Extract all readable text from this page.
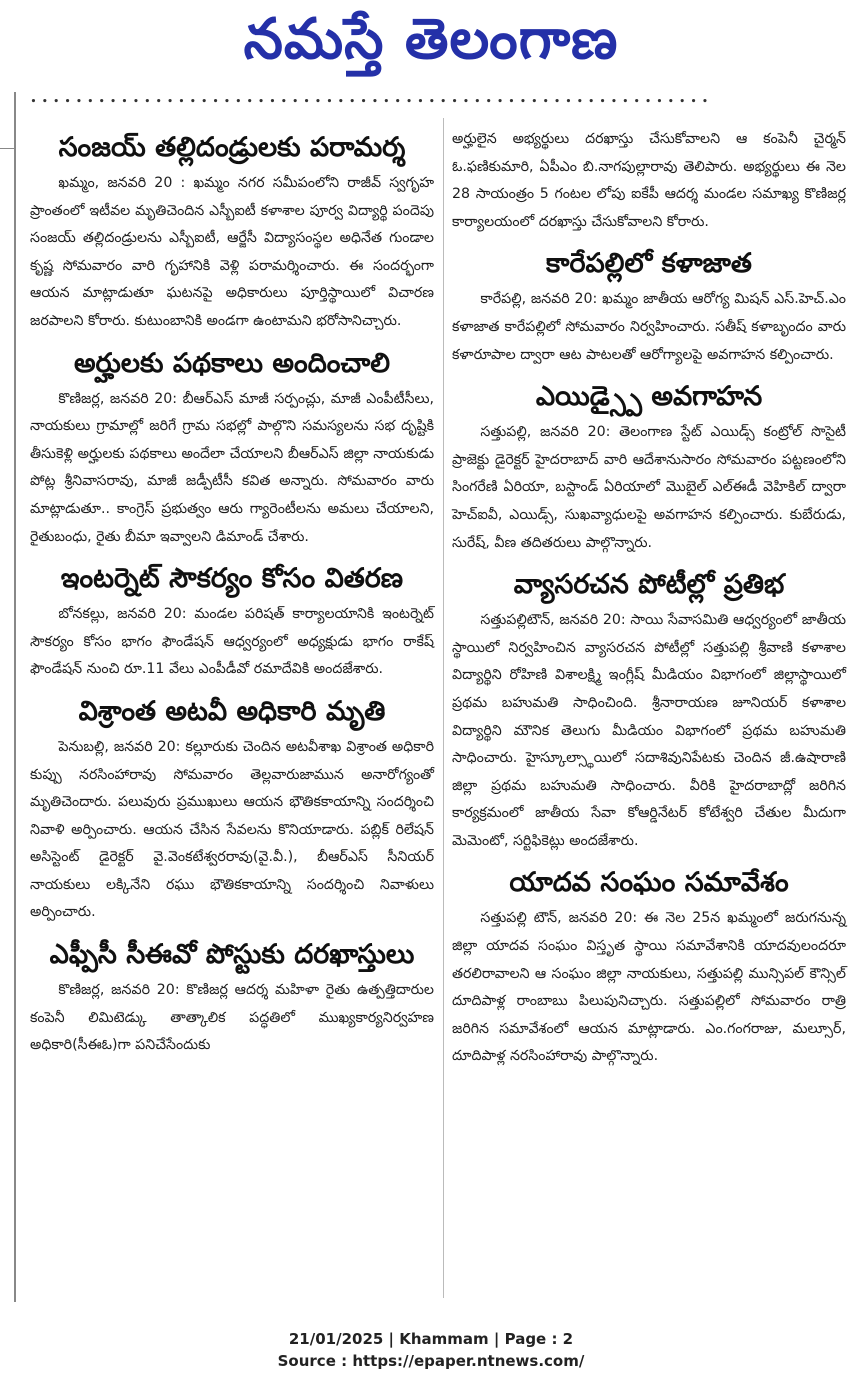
నమస్తే తెలంగాణ
∙ ∙ ∙ ∙ ∙ ∙ ∙ ∙ ∙ ∙ ∙ ∙ ∙ ∙ ∙ ∙ ∙ ∙ ∙ ∙ ∙ ∙ ∙ ∙ ∙ ∙ ∙ ∙ ∙ ∙ ∙ ∙ ∙ ∙ ∙ ∙ ∙ ∙ ∙ ∙ ∙ ∙ ∙ ∙ ∙ ∙ ∙ ∙ ∙ ∙ ∙ ∙ ∙ ∙ ∙ ∙ ∙ ∙ ∙ ∙
సంజయ్ తల్లిదండ్రులకు పరామర్శ

ఖమ్మం, జనవరి 20 : ఖమ్మం నగర సమీపంలోని రాజీవ్ స్వగృహ ప్రాంతంలో ఇటీవల మృతిచెందిన ఎస్బీఐటీ కళాశాల పూర్వ విద్యార్థి పందెపు సంజయ్ తల్లిదండ్రులను ఎస్బీఐటీ, ఆర్జేసీ విద్యాసంస్థల అధినేత గుండాల కృష్ణ సోమవారం వారి గృహానికి వెళ్లి పరామర్శించారు. ఈ సందర్భంగా ఆయన మాట్లాడుతూ ఘటనపై అధికారులు పూర్తిస్థాయిలో విచారణ జరపాలని కోరారు. కుటుంబానికి అండగా ఉంటామని భరోసానిచ్చారు.

అర్హులకు పథకాలు అందించాలి

కొణిజర్ల, జనవరి 20: బీఆర్ఎస్ మాజీ సర్పంచ్లు, మాజీ ఎంపీటీసీలు, నాయకులు గ్రామాల్లో జరిగే గ్రామ సభల్లో పాల్గొని సమస్యలను సభ దృష్టికి తీసుకెళ్లి అర్హులకు పథకాలు అందేలా చేయాలని బీఆర్ఎస్ జిల్లా నాయకుడు పోట్ల శ్రీనివాసరావు, మాజీ జడ్పీటీసీ కవిత అన్నారు. సోమవారం వారు మాట్లాడుతూ.. కాంగ్రెస్ ప్రభుత్వం ఆరు గ్యారెంటీలను అమలు చేయాలని, రైతుబంధు, రైతు బీమా ఇవ్వాలని డిమాండ్ చేశారు.

ఇంటర్నెట్ సౌకర్యం కోసం వితరణ

బోనకల్లు, జనవరి 20: మండల పరిషత్ కార్యాలయానికి ఇంటర్నెట్ సౌకర్యం కోసం భాగం ఫౌండేషన్ ఆధ్వర్యంలో అధ్యక్షుడు భాగం రాకేష్ ఫౌండేషన్ నుంచి రూ.11 వేలు ఎంపీడీవో రమాదేవికి అందజేశారు.

విశ్రాంత అటవీ అధికారి మృతి

పెనుబల్లి, జనవరి 20: కల్లూరుకు చెందిన అటవీశాఖ విశ్రాంత అధికారి కుప్పు నరసింహారావు సోమవారం తెల్లవారుజామున అనారోగ్యంతో మృతిచెందారు. పలువురు ప్రముఖులు ఆయన భౌతికకాయాన్ని సందర్శించి నివాళి అర్పించారు. ఆయన చేసిన సేవలను కొనియాడారు. పబ్లిక్ రిలేషన్ అసిస్టెంట్ డైరెక్టర్ వై.వెంకటేశ్వరరావు(వై.వీ.), బీఆర్ఎస్ సీనియర్ నాయకులు లక్కినేని రఘు భౌతికకాయాన్ని సందర్శించి నివాళులు అర్పించారు.

ఎఫ్పీసీ సీఈవో పోస్టుకు దరఖాస్తులు

కొణిజర్ల, జనవరి 20: కొణిజర్ల ఆదర్శ మహిళా రైతు ఉత్పత్తిదారుల కంపెనీ లిమిటెడ్కు తాత్కాలిక పద్ధతిలో ముఖ్యకార్యనిర్వహణ అధికారి(సీఈఓ)గా పనిచేసేందుకు

అర్హులైన అభ్యర్థులు దరఖాస్తు చేసుకోవాలని ఆ కంపెనీ చైర్మన్ ఓ.ఫణికుమారి, ఏపీఎం బి.నాగపుల్లారావు తెలిపారు. అభ్యర్థులు ఈ నెల 28 సాయంత్రం 5 గంటల లోపు ఐకేపీ ఆదర్శ మండల సమాఖ్య కొణిజర్ల కార్యాలయంలో దరఖాస్తు చేసుకోవాలని కోరారు.

కారేపల్లిలో కళాజాత

కారేపల్లి, జనవరి 20: ఖమ్మం జాతీయ ఆరోగ్య మిషన్ ఎస్.హెచ్.ఎం కళాజాత కారేపల్లిలో సోమవారం నిర్వహించారు. సతీష్ కళాబృందం వారు కళారూపాల ద్వారా ఆట పాటలతో ఆరోగ్యాలపై అవగాహన కల్పించారు.

ఎయిడ్స్పై అవగాహన

సత్తుపల్లి, జనవరి 20: తెలంగాణ స్టేట్ ఎయిడ్స్ కంట్రోల్ సొసైటీ ప్రాజెక్టు డైరెక్టర్ హైదరాబాద్ వారి ఆదేశానుసారం సోమవారం పట్టణంలోని సింగరేణి ఏరియా, బస్టాండ్ ఏరియాలో మొబైల్ ఎల్ఈడీ వెహికిల్ ద్వారా హెచ్ఐవీ, ఎయిడ్స్, సుఖవ్యాధులపై అవగాహన కల్పించారు. కుబేరుడు, సురేష్, వీణ తదితరులు పాల్గొన్నారు.

వ్యాసరచన పోటీల్లో ప్రతిభ

సత్తుపల్లిటౌన్, జనవరి 20: సాయి సేవాసమితి ఆధ్వర్యంలో జాతీయ స్థాయిలో నిర్వహించిన వ్యాసరచన పోటీల్లో సత్తుపల్లి శ్రీవాణి కళాశాల విద్యార్థిని రోహిణి విశాలక్ష్మి ఇంగ్లీష్ మీడియం విభాగంలో జిల్లాస్థాయిలో ప్రథమ బహుమతి సాధించింది. శ్రీనారాయణ జూనియర్ కళాశాల విద్యార్థిని మౌనిక తెలుగు మీడియం విభాగంలో ప్రథమ బహుమతి సాధించారు. హైస్కూల్స్థాయిలో సదాశివునిపేటకు చెందిన జీ.ఉషారాణి జిల్లా ప్రథమ బహుమతి సాధించారు. వీరికి హైదరాబాద్లో జరిగిన కార్యక్రమంలో జాతీయ సేవా కోఆర్డినేటర్ కోటేశ్వరి చేతుల మీదుగా మెమెంటో, సర్టిఫికెట్లు అందజేశారు.

యాదవ సంఘం సమావేశం

సత్తుపల్లి టౌన్, జనవరి 20: ఈ నెల 25న ఖమ్మంలో జరుగనున్న జిల్లా యాదవ సంఘం విస్తృత స్థాయి సమావేశానికి యాదవులందరూ తరలిరావాలని ఆ సంఘం జిల్లా నాయకులు, సత్తుపల్లి మున్సిపల్ కౌన్సిల్ దూదిపాళ్ల రాంబాబు పిలుపునిచ్చారు. సత్తుపల్లిలో సోమవారం రాత్రి జరిగిన సమావేశంలో ఆయన మాట్లాడారు. ఎం.గంగరాజు, మల్సూర్, దూదిపాళ్ల నరసింహారావు పాల్గొన్నారు.

21/01/2025 | Khammam | Page : 2
Source : https://epaper.ntnews.com/
